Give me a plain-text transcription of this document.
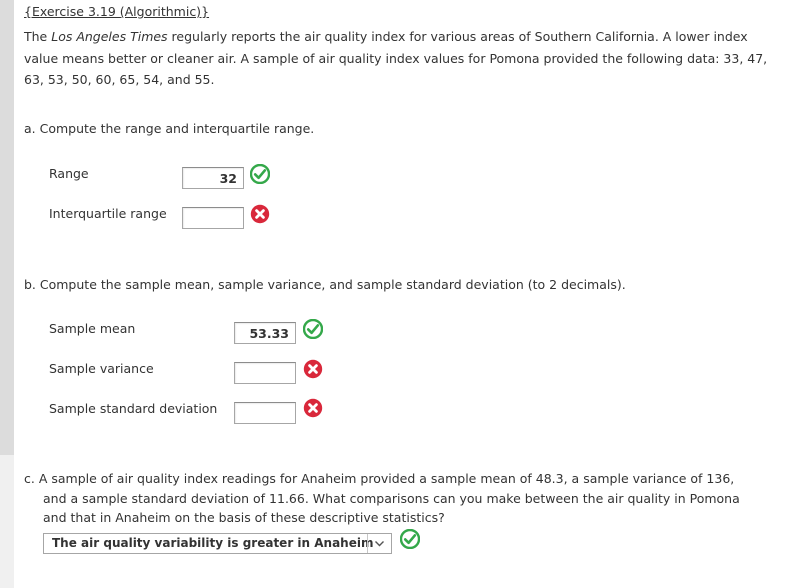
{Exercise 3.19 (Algorithmic)}
The Los Angeles Times regularly reports the air quality index for various areas of Southern California. A lower index value means better or cleaner air. A sample of air quality index values for Pomona provided the following data: 33, 47, 63, 53, 50, 60, 65, 54, and 55.
a. Compute the range and interquartile range.
Range	32
Interquartile range
b. Compute the sample mean, sample variance, and sample standard deviation (to 2 decimals).
Sample mean	53.33
Sample variance
Sample standard deviation
c. A sample of air quality index readings for Anaheim provided a sample mean of 48.3, a sample variance of 136,
and a sample standard deviation of 11.66. What comparisons can you make between the air quality in Pomona
and that in Anaheim on the basis of these descriptive statistics?
The air quality variability is greater in Anaheim
